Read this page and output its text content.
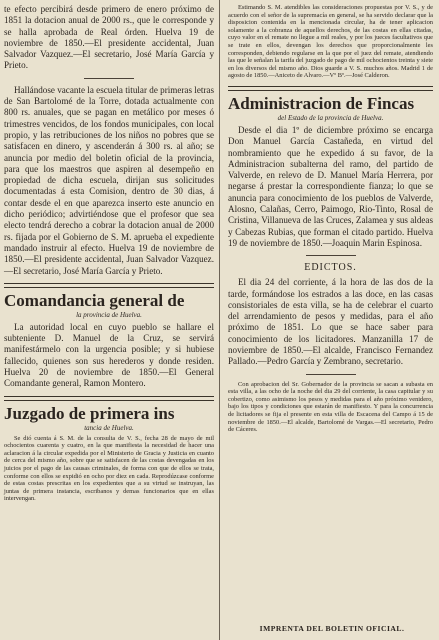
te efecto percibirá desde primero de enero próximo de 1851 la dotacion anual de 2000 rs., que le corresponde y se halla aprobada de Real órden. Huelva 19 de noviembre de 1850.—El presidente accidental, Juan Salvador Vazquez.—El secretario, José María García y Prieto.

Hallándose vacante la escuela titular de primeras letras de San Bartolomé de la Torre, dotada actualmente con 800 rs. anuales, que se pagan en metálico por meses ó trimestres vencidos, de los fondos municipales, con local propio, y las retribuciones de los niños no pobres que se satisfacen en dinero, y ascenderán á 300 rs. al año; se anuncia por medio del boletin oficial de la provincia, para que los maestros que aspiren al desempeño en propiedad de dicha escuela, dirijan sus solicitudes documentadas á esta Comision, dentro de 30 dias, á contar desde el en que aparezca inserto este anuncio en dicho periódico; advirtiéndose que el profesor que sea electo tendrá derecho a cobrar la dotacion anual de 2000 rs. fijada por el Gobierno de S. M. aprueba el expediente mandado instruir al efecto. Huelva 19 de noviembre de 1850.—El presidente accidental, Juan Salvador Vazquez.—El secretario, José María García y Prieto.

Comandancia general de

la provincia de Huelva.

La autoridad local en cuyo pueblo se hallare el subteniente D. Manuel de la Cruz, se servirá manifestármelo con la urgencia posible; y si hubiese fallecido, quienes son sus herederos y donde residen. Huelva 20 de noviembre de 1850.—El General Comandante general, Ramon Montero.

Juzgado de primera ins

tancia de Huelva.

Se dió cuenta á S. M. de la consulta de V. S., fecha 28 de mayo de mil ochocientos cuarenta y cuatro, en la que manifiesta la necesidad de hacer una aclaracion á la circular expedida por el Ministerio de Gracia y Justicia en cuanto de cerca del mismo año, sobre que se satisfacen de las costas devengadas en los juicios por el pago de las causas criminales, de forma con que de ellos se trata, conforme con ellos se expidió en ocho por diez en cada. Reprodúzcase conforme de estas costas prescritas en los expedientes que a su virtud se instruyan, las juntas de primera instancia, escribanos y demas funcionarios que en ellas intervengan.

Estimando S. M. atendibles las consideraciones propuestas por V. S., y de acuerdo con el señor de la supremacía en general, se ha servido declarar que la disposicion contenida en la mencionada circular, ha de tener aplicacion solamente a la cobranza de aquellos derechos, de las costas en ellas citadas, cuyo valor en el remate no llegue a mil reales, y por los jueces facultativos que se trate en ellos, devengan los derechos que proporcionalmente les corresponden, debiendo regularse en la que por el juez del remate, atendiendo las que le señalan la tarifa del juzgado de pago de mil ochocientos treinta y siete en los diversos del mismo año. Dios guarde a V. S. muchos años. Madrid 1 de agosto de 1850.—Aniceto de Alvaro.—Vº Bº.—José Calderon.

Administracion de Fincas

del Estado de la provincia de Huelva.

Desde el dia 1º de diciembre próximo se encarga Don Manuel García Castañeda, en virtud del nombramiento que he expedido á su favor, de la Administracion subalterna del ramo, del partido de Valverde, en relevo de D. Manuel María Herrera, por negarse á prestar la correspondiente fianza; lo que se anuncia para conocimiento de los pueblos de Valverde, Alosno, Calañas, Cerro, Paimogo, Rio-Tinto, Rosal de Cristina, Villanueva de las Cruces, Zalamea y sus aldeas y Cabezas Rubias, que forman el citado partido. Huelva 19 de noviembre de 1850.—Joaquin Marin Espinosa.

EDICTOS.

El dia 24 del corriente, á la hora de las dos de la tarde, formándose los estrados a las doce, en las casas consistoriales de esta villa, se ha de celebrar el cuarto del arrendamiento de pesos y medidas, para el año próximo de 1851. Lo que se hace saber para conocimiento de los licitadores. Manzanilla 17 de noviembre de 1850.—El alcalde, Francisco Fernandez Pallado.—Pedro García y Zembrano, secretario.

Con aprobacion del Sr. Gobernador de la provincia se sacan a subasta en esta villa, a las ocho de la noche del dia 29 del corriente, la casa capitular y su cobertizo, como asimismo los pesos y medidas para el año próximo venidero, bajo los tipos y condiciones que estarán de manifiesto. Y para la concurrencia de licitadores se fija el presente en esta villa de Escacena del Campo á 15 de noviembre de 1850.—El alcalde, Bartolomé de Vargas.—El secretario, Pedro de Cáceres.

IMPRENTA DEL BOLETIN OFICIAL.
